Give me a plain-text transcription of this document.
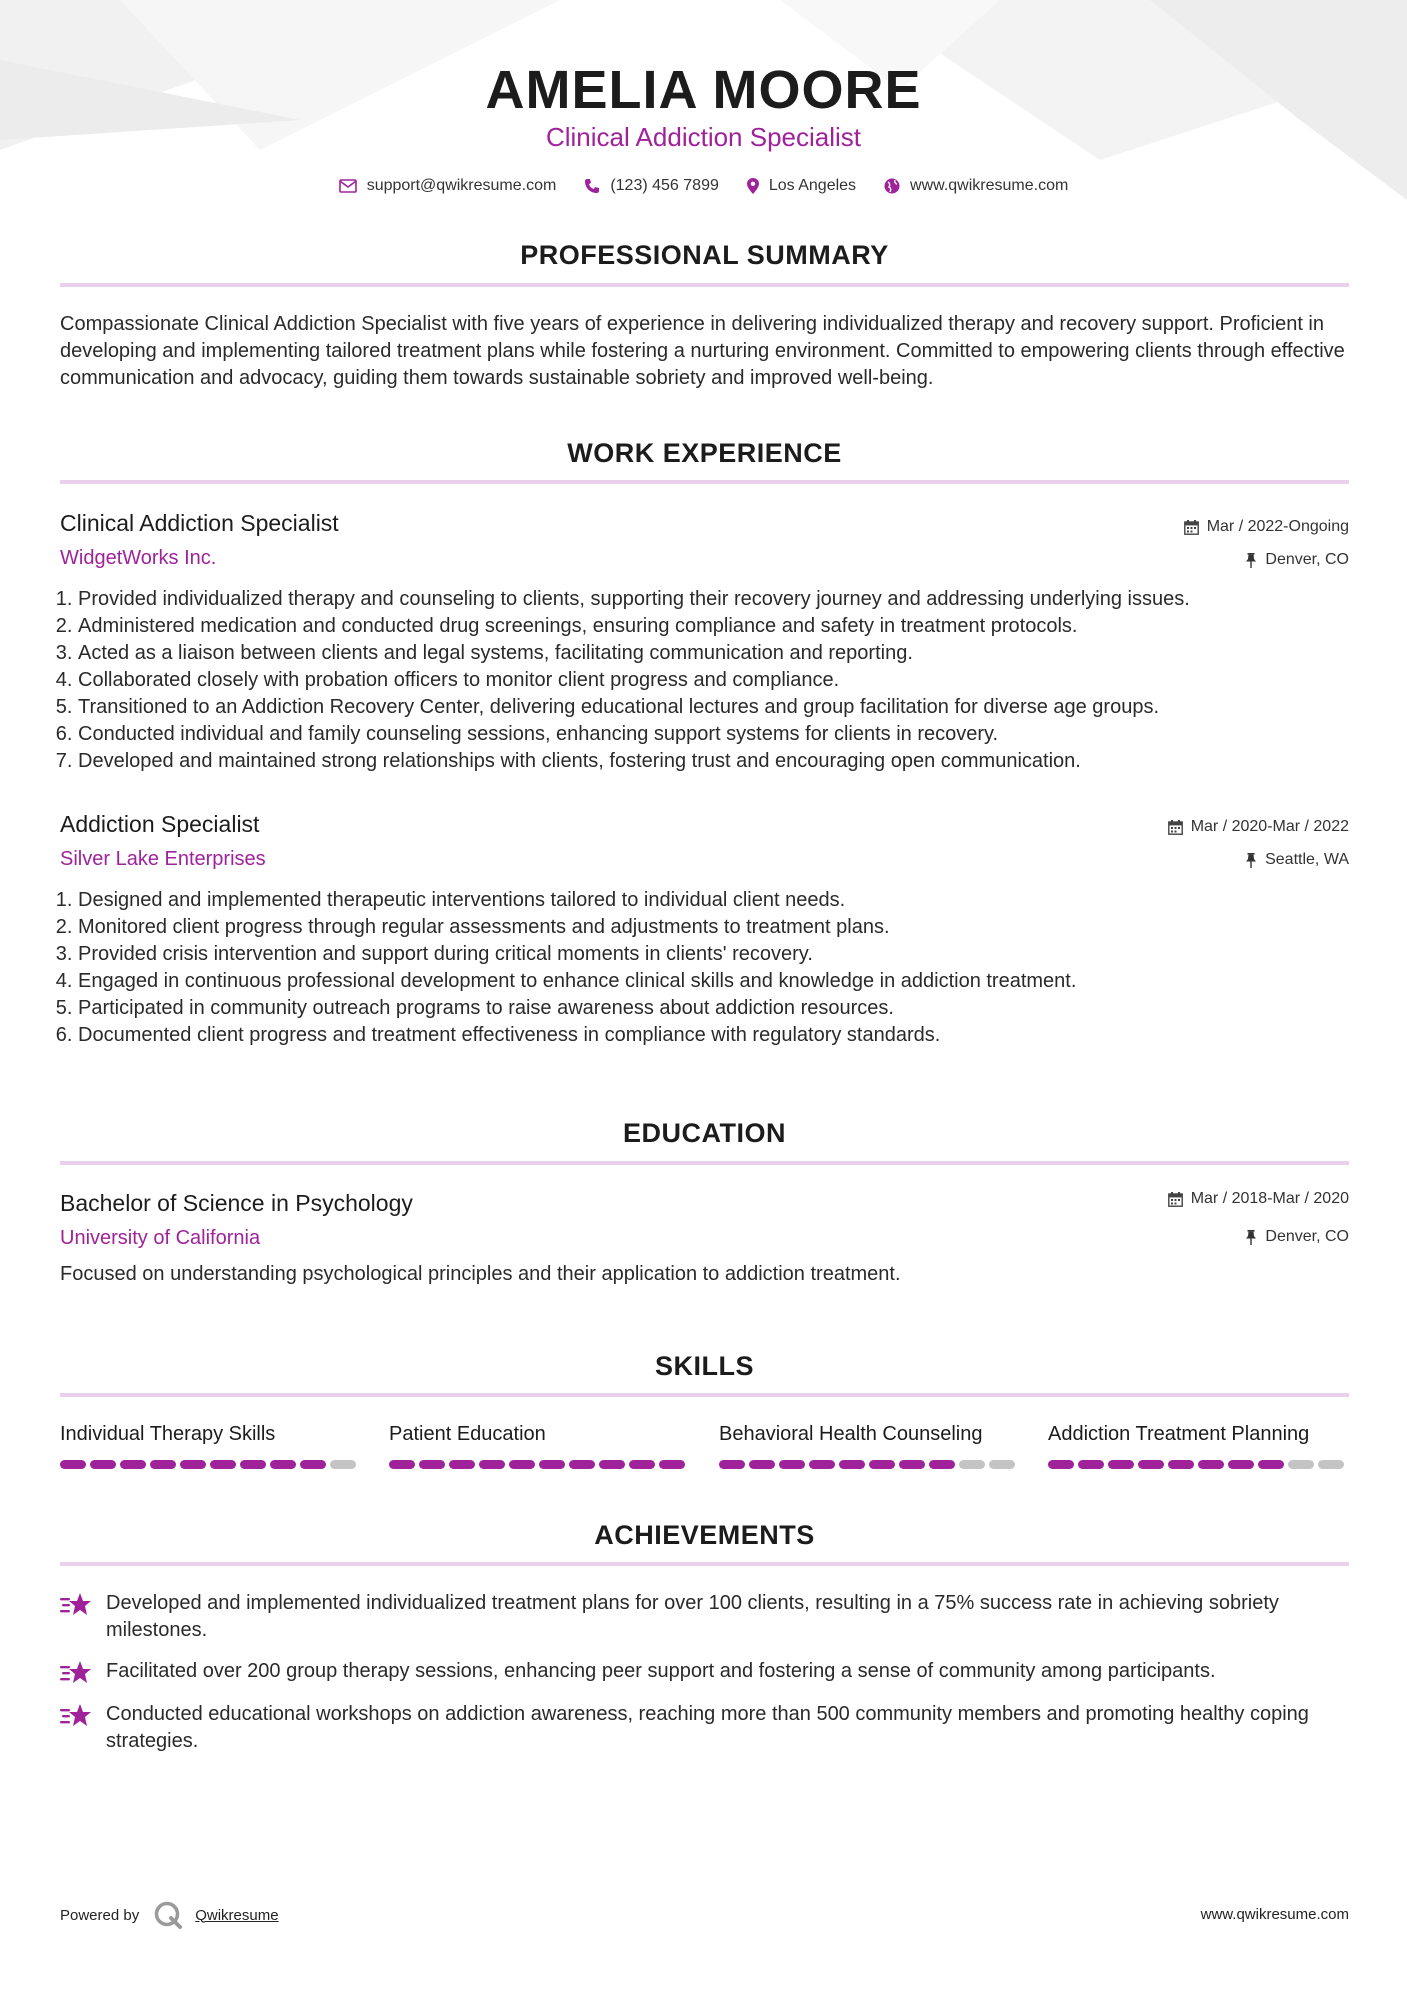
AMELIA MOORE
Clinical Addiction Specialist
support@qwikresume.com	(123) 456 7899	Los Angeles	www.qwikresume.com
PROFESSIONAL SUMMARY
Compassionate Clinical Addiction Specialist with five years of experience in delivering individualized therapy and recovery support. Proficient in developing and implementing tailored treatment plans while fostering a nurturing environment. Committed to empowering clients through effective communication and advocacy, guiding them towards sustainable sobriety and improved well-being.
WORK EXPERIENCE
Clinical Addiction Specialist
WidgetWorks Inc.
Mar / 2022-Ongoing
Denver, CO
1. Provided individualized therapy and counseling to clients, supporting their recovery journey and addressing underlying issues.
2. Administered medication and conducted drug screenings, ensuring compliance and safety in treatment protocols.
3. Acted as a liaison between clients and legal systems, facilitating communication and reporting.
4. Collaborated closely with probation officers to monitor client progress and compliance.
5. Transitioned to an Addiction Recovery Center, delivering educational lectures and group facilitation for diverse age groups.
6. Conducted individual and family counseling sessions, enhancing support systems for clients in recovery.
7. Developed and maintained strong relationships with clients, fostering trust and encouraging open communication.
Addiction Specialist
Silver Lake Enterprises
Mar / 2020-Mar / 2022
Seattle, WA
1. Designed and implemented therapeutic interventions tailored to individual client needs.
2. Monitored client progress through regular assessments and adjustments to treatment plans.
3. Provided crisis intervention and support during critical moments in clients' recovery.
4. Engaged in continuous professional development to enhance clinical skills and knowledge in addiction treatment.
5. Participated in community outreach programs to raise awareness about addiction resources.
6. Documented client progress and treatment effectiveness in compliance with regulatory standards.
EDUCATION
Bachelor of Science in Psychology
University of California
Mar / 2018-Mar / 2020
Denver, CO
Focused on understanding psychological principles and their application to addiction treatment.
SKILLS
Individual Therapy Skills	Patient Education	Behavioral Health Counseling	Addiction Treatment Planning
ACHIEVEMENTS
Developed and implemented individualized treatment plans for over 100 clients, resulting in a 75% success rate in achieving sobriety milestones.
Facilitated over 200 group therapy sessions, enhancing peer support and fostering a sense of community among participants.
Conducted educational workshops on addiction awareness, reaching more than 500 community members and promoting healthy coping strategies.
Powered by	Qwikresume	www.qwikresume.com
